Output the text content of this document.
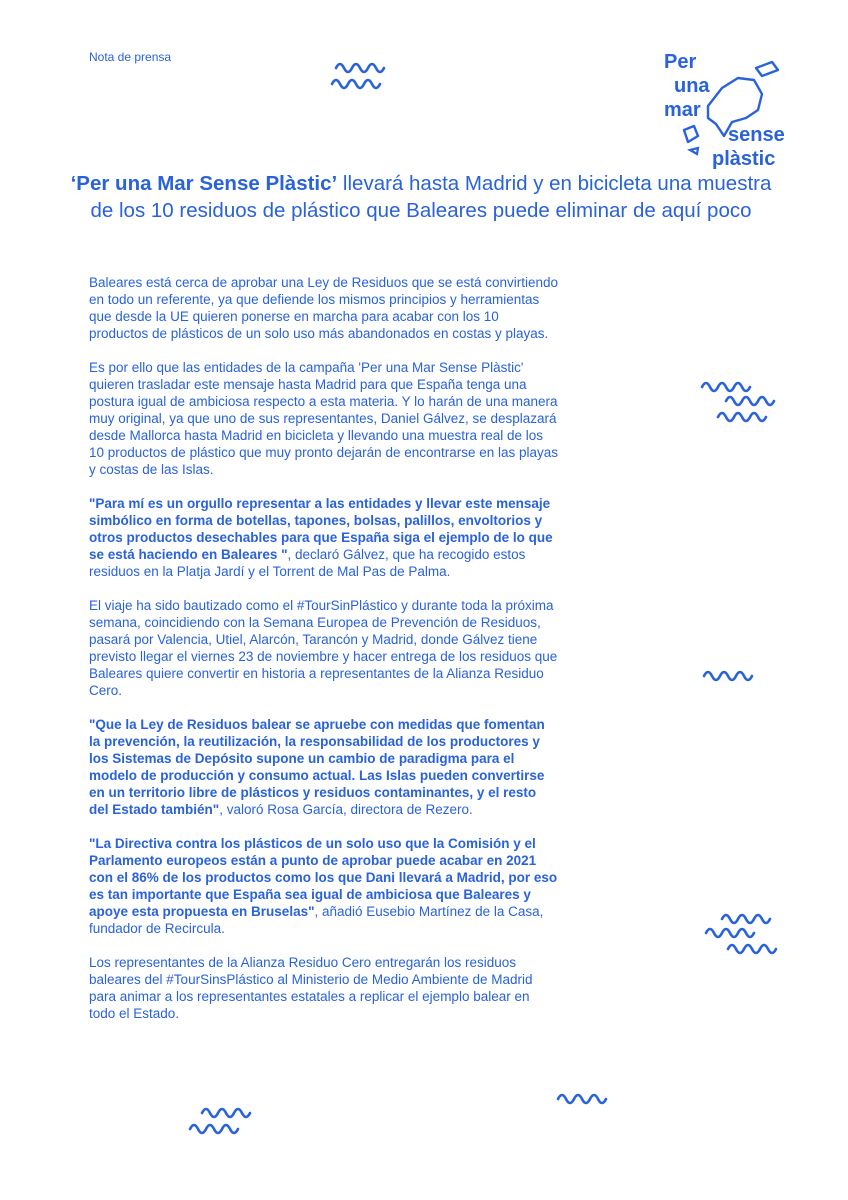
Nota de prensa	Per
una
mar
sense
plàstic
‘Per una Mar Sense Plàstic’ llevará hasta Madrid y en bicicleta una muestra de los 10 residuos de plástico que Baleares puede eliminar de aquí poco

Baleares está cerca de aprobar una Ley de Residuos que se está convirtiendo en todo un referente, ya que defiende los mismos principios y herramientas que desde la UE quieren ponerse en marcha para acabar con los 10 productos de plásticos de un solo uso más abandonados en costas y playas.

Es por ello que las entidades de la campaña 'Per una Mar Sense Plàstic' quieren trasladar este mensaje hasta Madrid para que España tenga una postura igual de ambiciosa respecto a esta materia. Y lo harán de una manera muy original, ya que uno de sus representantes, Daniel Gálvez, se desplazará desde Mallorca hasta Madrid en bicicleta y llevando una muestra real de los 10 productos de plástico que muy pronto dejarán de encontrarse en las playas y costas de las Islas.

"Para mí es un orgullo representar a las entidades y llevar este mensaje simbólico en forma de botellas, tapones, bolsas, palillos, envoltorios y otros productos desechables para que España siga el ejemplo de lo que se está haciendo en Baleares ", declaró Gálvez, que ha recogido estos residuos en la Platja Jardí y el Torrent de Mal Pas de Palma.

El viaje ha sido bautizado como el #TourSinPlástico y durante toda la próxima semana, coincidiendo con la Semana Europea de Prevención de Residuos, pasará por Valencia, Utiel, Alarcón, Tarancón y Madrid, donde Gálvez tiene previsto llegar el viernes 23 de noviembre y hacer entrega de los residuos que Baleares quiere convertir en historia a representantes de la Alianza Residuo Cero.

"Que la Ley de Residuos balear se apruebe con medidas que fomentan la prevención, la reutilización, la responsabilidad de los productores y los Sistemas de Depósito supone un cambio de paradigma para el modelo de producción y consumo actual. Las Islas pueden convertirse en un territorio libre de plásticos y residuos contaminantes, y el resto del Estado también", valoró Rosa García, directora de Rezero.

"La Directiva contra los plásticos de un solo uso que la Comisión y el Parlamento europeos están a punto de aprobar puede acabar en 2021 con el 86% de los productos como los que Dani llevará a Madrid, por eso es tan importante que España sea igual de ambiciosa que Baleares y apoye esta propuesta en Bruselas", añadió Eusebio Martínez de la Casa, fundador de Recircula.

Los representantes de la Alianza Residuo Cero entregarán los residuos baleares del #TourSinsPlástico al Ministerio de Medio Ambiente de Madrid para animar a los representantes estatales a replicar el ejemplo balear en todo el Estado.
